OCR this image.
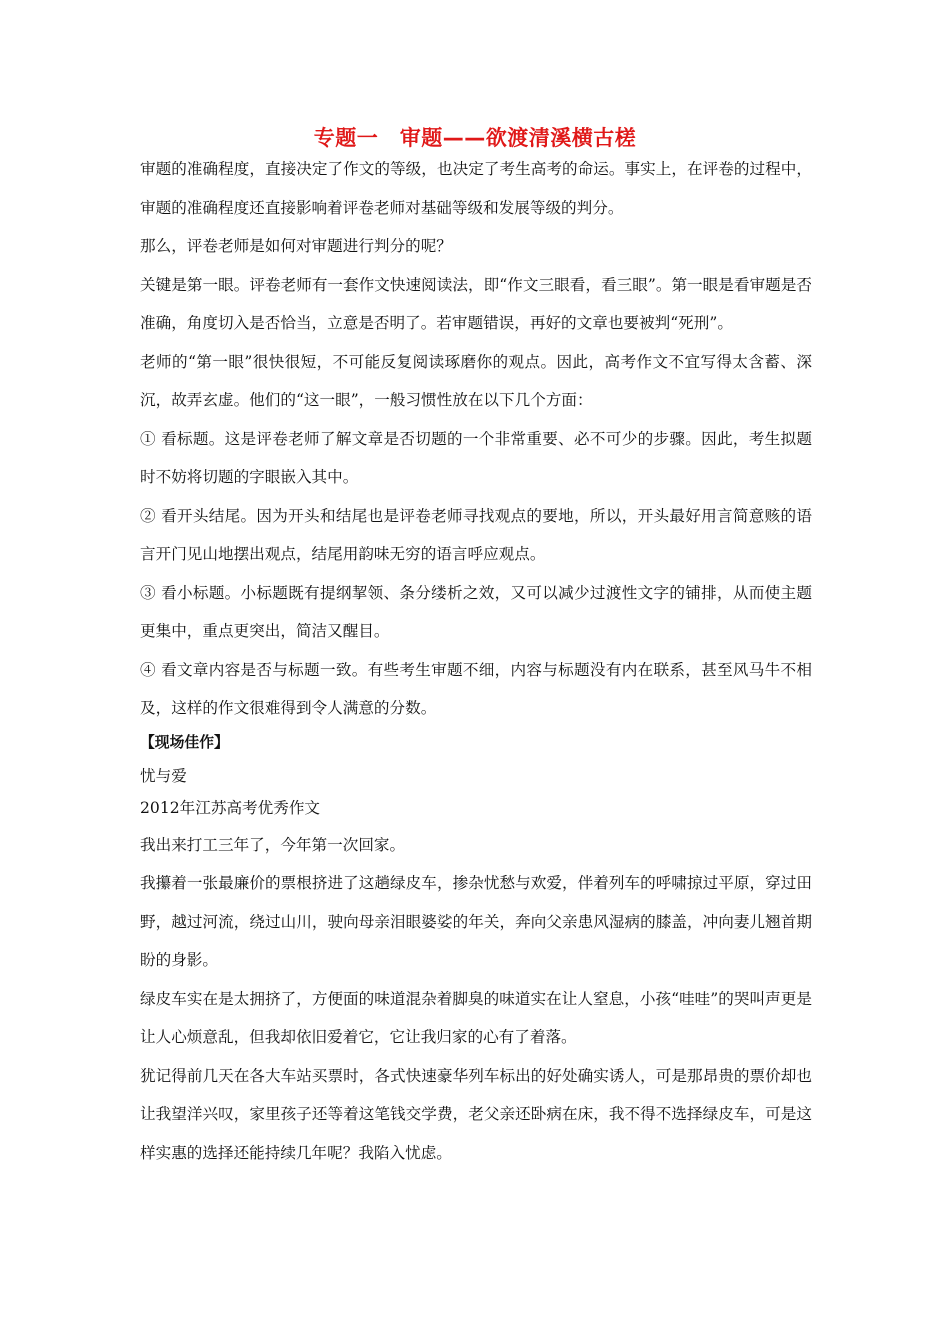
专题一　审题——欲渡清溪横古槎

审题的准确程度，直接决定了作文的等级，也决定了考生高考的命运。事实上，在评卷的过程中，审题的准确程度还直接影响着评卷老师对基础等级和发展等级的判分。

那么，评卷老师是如何对审题进行判分的呢？

关键是第一眼。评卷老师有一套作文快速阅读法，即“作文三眼看，看三眼”。第一眼是看审题是否准确，角度切入是否恰当，立意是否明了。若审题错误，再好的文章也要被判“死刑”。

老师的“第一眼”很快很短，不可能反复阅读琢磨你的观点。因此，高考作文不宜写得太含蓄、深沉，故弄玄虚。他们的“这一眼”，一般习惯性放在以下几个方面：

① 看标题。这是评卷老师了解文章是否切题的一个非常重要、必不可少的步骤。因此，考生拟题时不妨将切题的字眼嵌入其中。

② 看开头结尾。因为开头和结尾也是评卷老师寻找观点的要地，所以，开头最好用言简意赅的语言开门见山地摆出观点，结尾用韵味无穷的语言呼应观点。

③ 看小标题。小标题既有提纲挈领、条分缕析之效，又可以减少过渡性文字的铺排，从而使主题更集中，重点更突出，简洁又醒目。

④ 看文章内容是否与标题一致。有些考生审题不细，内容与标题没有内在联系，甚至风马牛不相及，这样的作文很难得到令人满意的分数。

【现场佳作】

忧与爱

2012年江苏高考优秀作文

我出来打工三年了，今年第一次回家。

我攥着一张最廉价的票根挤进了这趟绿皮车，掺杂忧愁与欢爱，伴着列车的呼啸掠过平原，穿过田野，越过河流，绕过山川，驶向母亲泪眼婆娑的年关，奔向父亲患风湿病的膝盖，冲向妻儿翘首期盼的身影。

绿皮车实在是太拥挤了，方便面的味道混杂着脚臭的味道实在让人窒息，小孩“哇哇”的哭叫声更是让人心烦意乱，但我却依旧爱着它，它让我归家的心有了着落。

犹记得前几天在各大车站买票时，各式快速豪华列车标出的好处确实诱人，可是那昂贵的票价却也让我望洋兴叹，家里孩子还等着这笔钱交学费，老父亲还卧病在床，我不得不选择绿皮车，可是这样实惠的选择还能持续几年呢？我陷入忧虑。
